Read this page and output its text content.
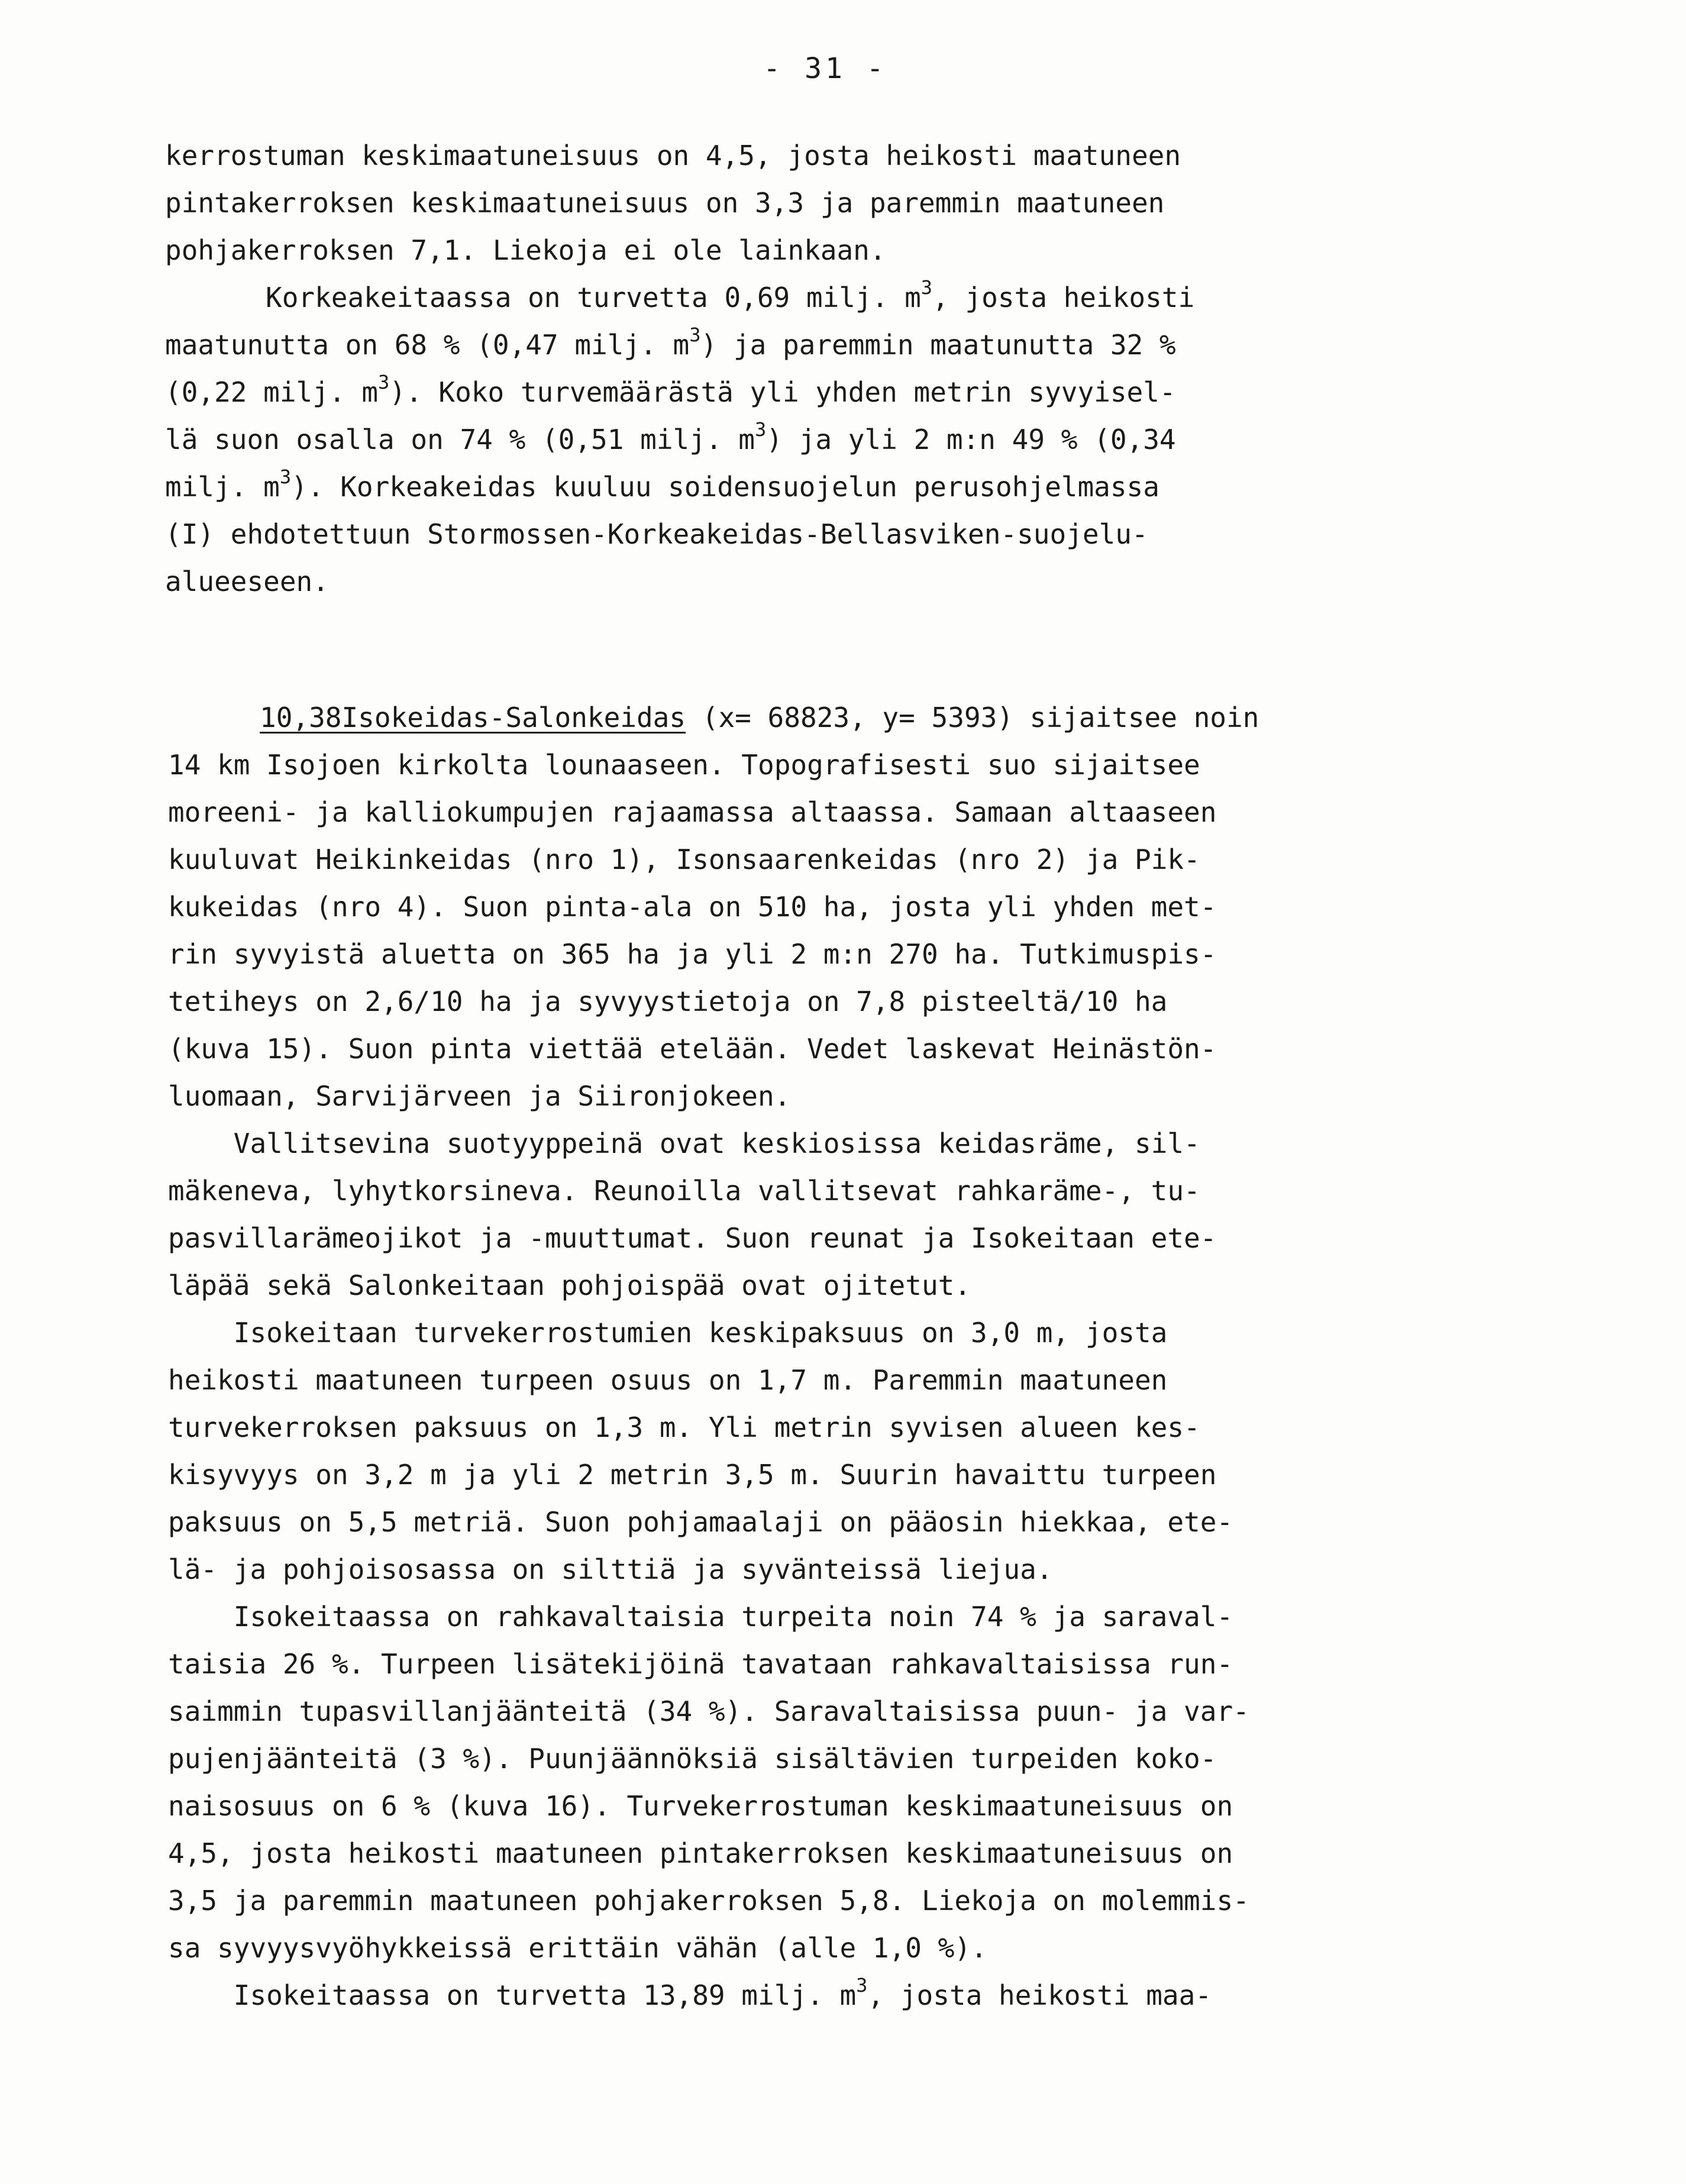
- 31 -
kerrostuman keskimaatuneisuus on 4,5, josta heikosti maatuneen
pintakerroksen keskimaatuneisuus on 3,3 ja paremmin maatuneen
pohjakerroksen 7,1. Liekoja ei ole lainkaan.
Korkeakeitaassa on turvetta 0,69 milj. $m^3$, josta heikosti
maatunutta on 68 % (0,47 milj. $m^3$) ja paremmin maatunutta 32 %
(0,22 milj. $m^3$). Koko turvemäärästä yli yhden metrin syvyisel-
lä suon osalla on 74 % (0,51 milj. $m^3$) ja yli 2 m:n 49 % (0,34
milj. $m^3$). Korkeakeidas kuuluu soidensuojelun perusohjelmassa
(I) ehdotettuun Stormossen-Korkeakeidas-Bellasviken-suojelu-
alueeseen.
10,38Isokeidas-Salonkeidas (x= 68823, y= 5393) sijaitsee noin
14 km Isojoen kirkolta lounaaseen. Topografisesti suo sijaitsee
moreeni- ja kalliokumpujen rajaamassa altaassa. Samaan altaaseen
kuuluvat Heikinkeidas (nro 1), Isonsaarenkeidas (nro 2) ja Pik-
kukeidas (nro 4). Suon pinta-ala on 510 ha, josta yli yhden met-
rin syvyistä aluetta on 365 ha ja yli 2 m:n 270 ha. Tutkimuspis-
tetiheys on 2,6/10 ha ja syvyystietoja on 7,8 pisteeltä/10 ha
(kuva 15). Suon pinta viettää etelään. Vedet laskevat Heinästön-
luomaan, Sarvijärveen ja Siironjokeen.
Vallitsevina suotyyppeinä ovat keskiosissa keidasräme, sil-
mäkeneva, lyhytkorsineva. Reunoilla vallitsevat rahkaräme-, tu-
pasvillarämeojikot ja -muuttumat. Suon reunat ja Isokeitaan ete-
läpää sekä Salonkeitaan pohjoispää ovat ojitetut.
Isokeitaan turvekerrostumien keskipaksuus on 3,0 m, josta
heikosti maatuneen turpeen osuus on 1,7 m. Paremmin maatuneen
turvekerroksen paksuus on 1,3 m. Yli metrin syvisen alueen kes-
kisyvyys on 3,2 m ja yli 2 metrin 3,5 m. Suurin havaittu turpeen
paksuus on 5,5 metriä. Suon pohjamaalaji on pääosin hiekkaa, ete-
lä- ja pohjoisosassa on silttiä ja syvänteissä liejua.
Isokeitaassa on rahkavaltaisia turpeita noin 74 % ja saraval-
taisia 26 %. Turpeen lisätekijöinä tavataan rahkavaltaisissa run-
saimmin tupasvillanjäänteitä (34 %). Saravaltaisissa puun- ja var-
pujenjäänteitä (3 %). Puunjäännöksiä sisältävien turpeiden koko-
naisosuus on 6 % (kuva 16). Turvekerrostuman keskimaatuneisuus on
4,5, josta heikosti maatuneen pintakerroksen keskimaatuneisuus on
3,5 ja paremmin maatuneen pohjakerroksen 5,8. Liekoja on molemmis-
sa syvyysvyöhykkeissä erittäin vähän (alle 1,0 %).
Isokeitaassa on turvetta 13,89 milj. $m^3$, josta heikosti maa-
